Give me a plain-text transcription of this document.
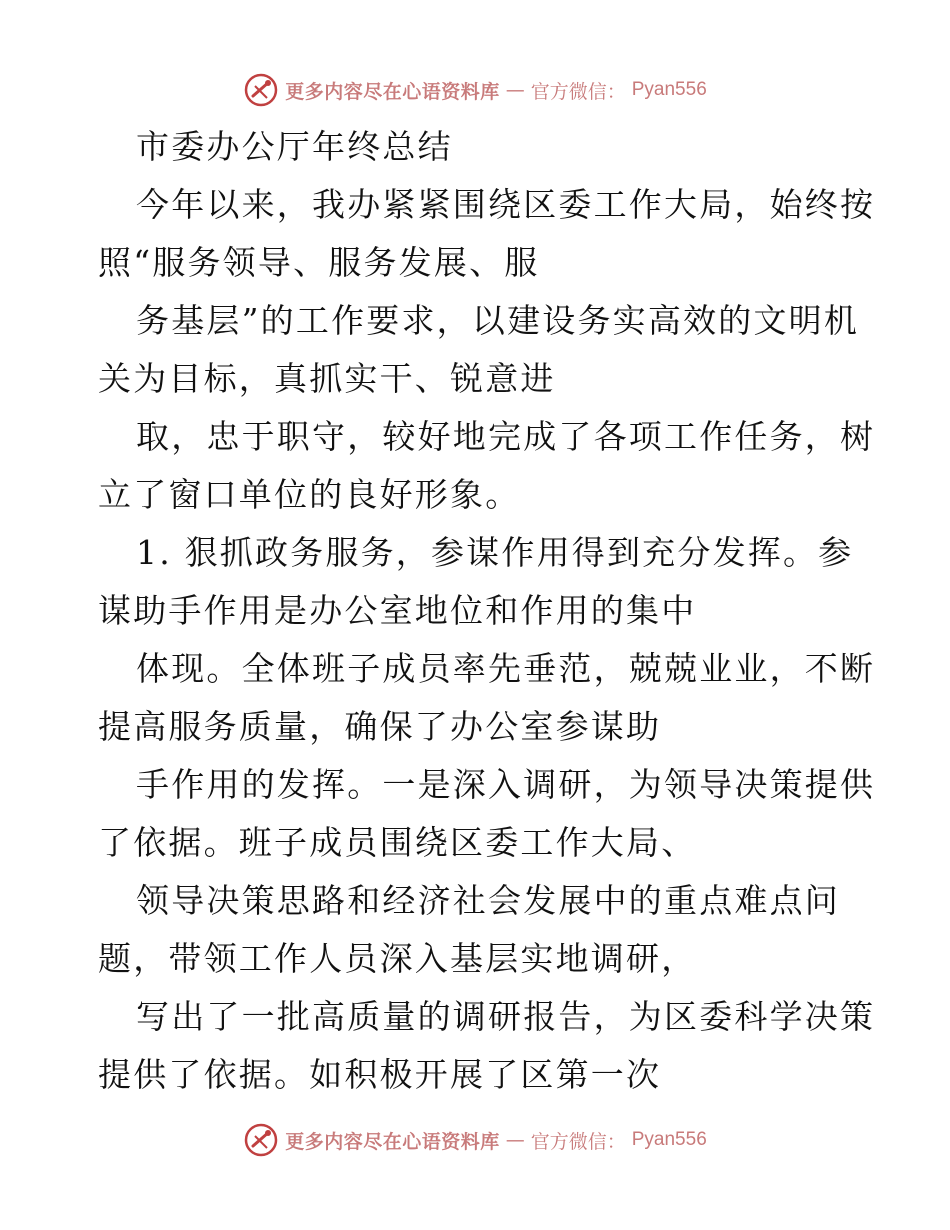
更多内容尽在心语资料库 — 官方微信： Pyan556
市委办公厅年终总结
今年以来，我办紧紧围绕区委工作大局，始终按
照“服务领导、服务发展、服
务基层”的工作要求，以建设务实高效的文明机
关为目标，真抓实干、锐意进
取，忠于职守，较好地完成了各项工作任务，树
立了窗口单位的良好形象。
1. 狠抓政务服务，参谋作用得到充分发挥。参
谋助手作用是办公室地位和作用的集中
体现。全体班子成员率先垂范，兢兢业业，不断
提高服务质量，确保了办公室参谋助
手作用的发挥。一是深入调研，为领导决策提供
了依据。班子成员围绕区委工作大局、
领导决策思路和经济社会发展中的重点难点问
题，带领工作人员深入基层实地调研，
写出了一批高质量的调研报告，为区委科学决策
提供了依据。如积极开展了区第一次
更多内容尽在心语资料库 — 官方微信： Pyan556
